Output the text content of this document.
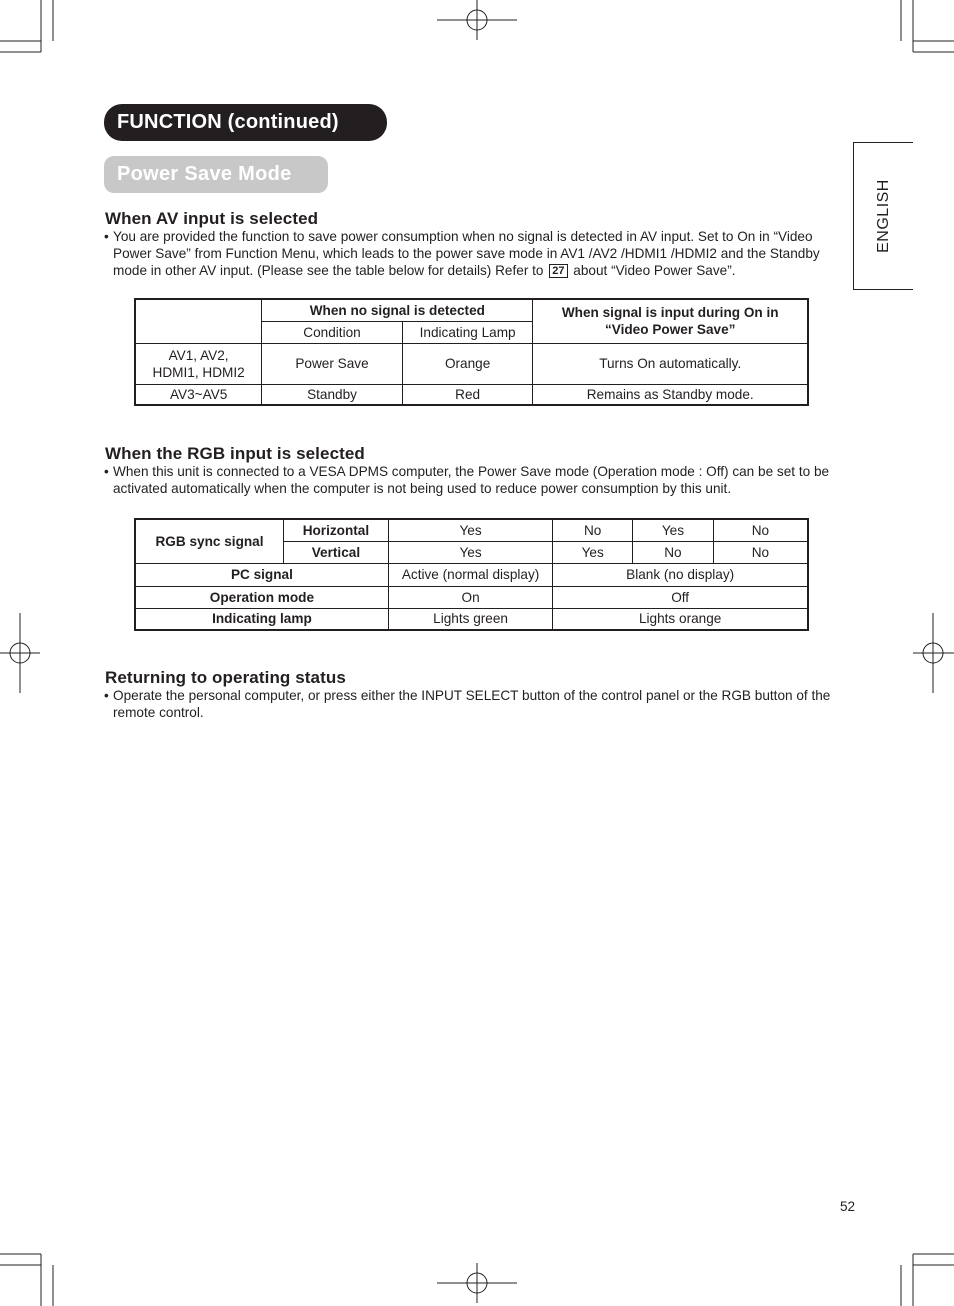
FUNCTION (continued)
Power Save Mode
ENGLISH
When AV input is selected
• You are provided the function to save power consumption when no signal is detected in AV input. Set to On in “Video Power Save” from Function Menu, which leads to the power save mode in AV1 /AV2 /HDMI1 /HDMI2 and the Standby mode in other AV input. (Please see the table below for details) Refer to 27 about “Video Power Save”.
	When no signal is detected		When signal is input during On in “Video Power Save”
	Condition	Indicating Lamp	
AV1, AV2, HDMI1, HDMI2	Power Save	Orange	Turns On automatically.
AV3~AV5	Standby	Red	Remains as Standby mode.
When the RGB input is selected
• When this unit is connected to a VESA DPMS computer, the Power Save mode (Operation mode : Off) can be set to be activated automatically when the computer is not being used to reduce power consumption by this unit.
RGB sync signal	Horizontal	Yes	No	Yes	No
	Vertical	Yes	Yes	No	No
PC signal		Active (normal display)	Blank (no display)		
Operation mode		On	Off		
Indicating lamp		Lights green	Lights orange		
Returning to operating status
• Operate the personal computer, or press either the INPUT SELECT button of the control panel or the RGB button of the remote control.
52
